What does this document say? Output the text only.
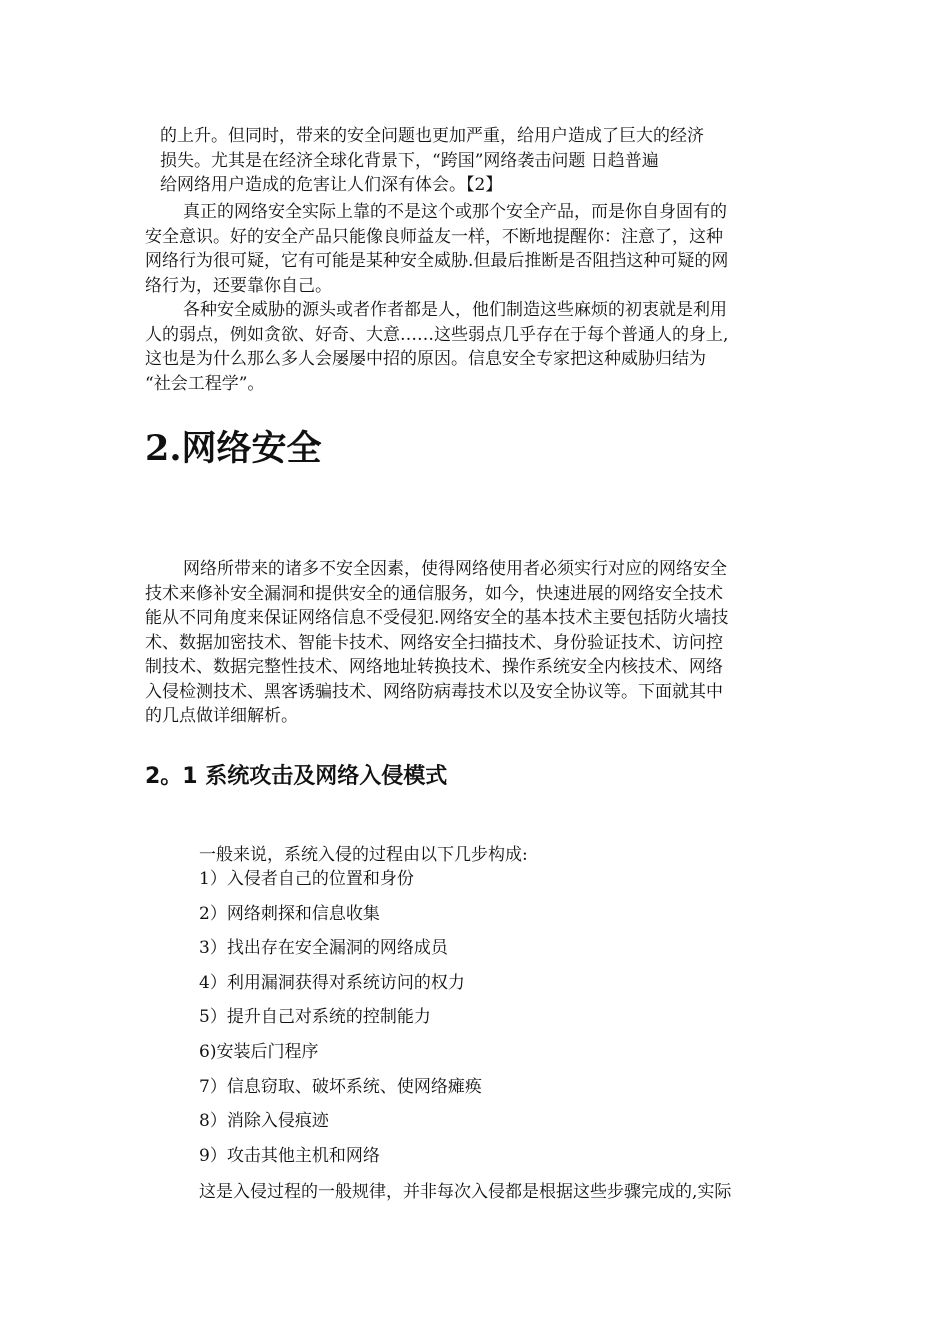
的上升。但同时，带来的安全问题也更加严重，给用户造成了巨大的经济
损失。尤其是在经济全球化背景下，“跨国”网络袭击问题 日趋普遍
给网络用户造成的危害让人们深有体会。【2】

真正的网络安全实际上靠的不是这个或那个安全产品，而是你自身固有的
安全意识。好的安全产品只能像良师益友一样，不断地提醒你：注意了，这种
网络行为很可疑，它有可能是某种安全威胁.但最后推断是否阻挡这种可疑的网
络行为，还要靠你自己。

各种安全威胁的源头或者作者都是人，他们制造这些麻烦的初衷就是利用
人的弱点，例如贪欲、好奇、大意……这些弱点几乎存在于每个普通人的身上,
这也是为什么那么多人会屡屡中招的原因。信息安全专家把这种威胁归结为
“社会工程学”。

2.网络安全

网络所带来的诸多不安全因素，使得网络使用者必须实行对应的网络安全
技术来修补安全漏洞和提供安全的通信服务，如今，快速进展的网络安全技术
能从不同角度来保证网络信息不受侵犯.网络安全的基本技术主要包括防火墙技
术、数据加密技术、智能卡技术、网络安全扫描技术、身份验证技术、访问控
制技术、数据完整性技术、网络地址转换技术、操作系统安全内核技术、网络
入侵检测技术、黑客诱骗技术、网络防病毒技术以及安全协议等。下面就其中
的几点做详细解析。

2。1 系统攻击及网络入侵模式

一般来说，系统入侵的过程由以下几步构成:

1）入侵者自己的位置和身份
2）网络刺探和信息收集
3）找出存在安全漏洞的网络成员
4）利用漏洞获得对系统访问的权力
5）提升自己对系统的控制能力
6)安装后门程序
7）信息窃取、破坏系统、使网络瘫痪
8）消除入侵痕迹
9）攻击其他主机和网络

这是入侵过程的一般规律，并非每次入侵都是根据这些步骤完成的,实际
